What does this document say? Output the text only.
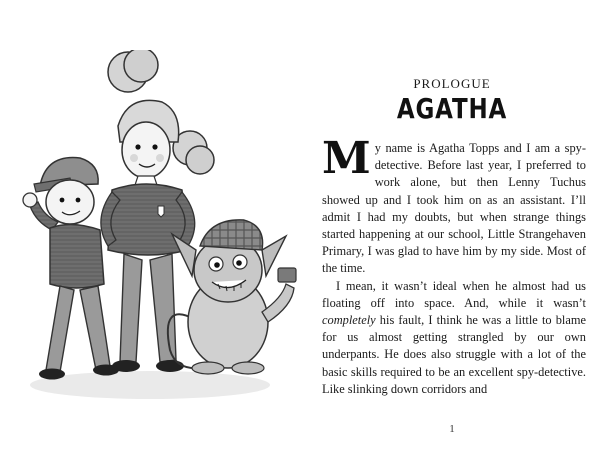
PROLOGUE
AGATHA

My name is Agatha Topps and I am a spy-detective. Before last year, I preferred to work alone, but then Lenny Tuchus showed up and I took him on as an assistant. I’ll admit I had my doubts, but when strange things started happening at our school, Little Strangehaven Primary, I was glad to have him by my side. Most of the time.

I mean, it wasn’t ideal when he almost had us floating off into space. And, while it wasn’t completely his fault, I think he was a little to blame for us almost getting strangled by our own underpants. He does also struggle with a lot of the basic skills required to be an excellent spy-detective. Like slinking down corridors and

1
